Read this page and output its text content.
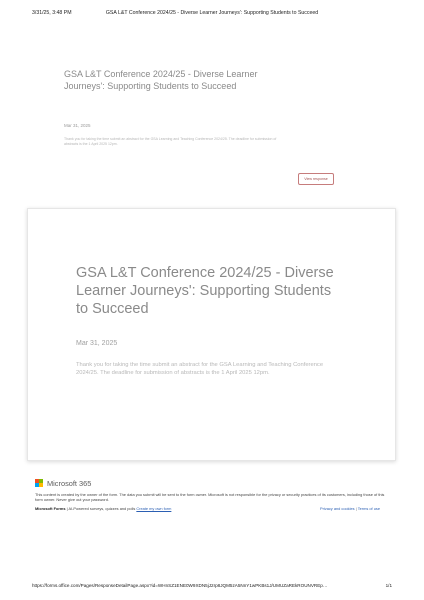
3/31/25, 3:48 PM	GSA L&T Conference 2024/25 - Diverse Learner Journeys': Supporting Students to Succeed
GSA L&T Conference 2024/25 - Diverse Learner Journeys': Supporting Students to Succeed
Mar 31, 2025
Thank you for taking the time submit an abstract for the GSA Learning and Teaching Conference 2024/25. The deadline for submission of abstracts is the 1 April 2025 12pm.
View response
GSA L&T Conference 2024/25 - Diverse Learner Journeys': Supporting Students to Succeed
Mar 31, 2025
Thank you for taking the time submit an abstract for the GSA Learning and Teaching Conference 2024/25. The deadline for submission of abstracts is the 1 April 2025 12pm.
Microsoft 365
This content is created by the owner of the form. The data you submit will be sent to the form owner. Microsoft is not responsible for the privacy or security practices of its customers, including those of this form owner. Never give out your password.
Microsoft Forms | AI-Powered surveys, quizzes and polls Create my own form	Privacy and cookies | Terms of use
https://forms.office.com/Pages/ResponseDetailPage.aspx?id=WHnSZ1ENE0W9XDN5jJ2rp8JQM5zA5NnY1wPKBs1J/UMUZaREkROUNVREp…	1/1
